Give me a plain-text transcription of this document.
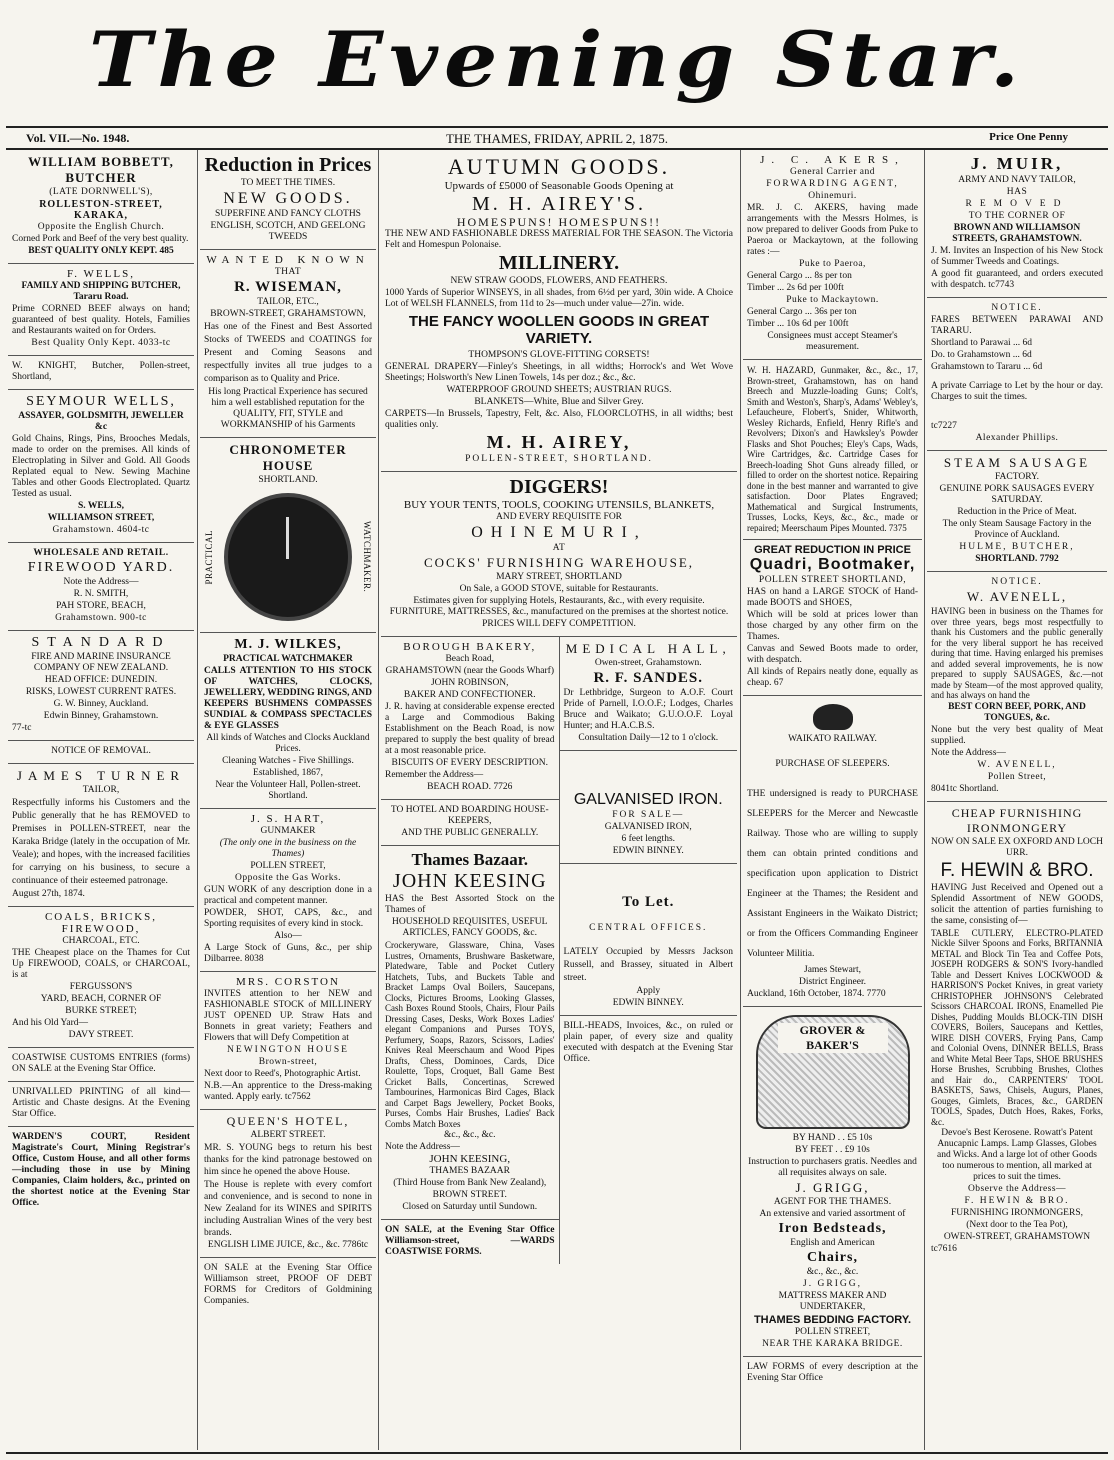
The Evening Star.
Vol. VII.—No. 1948.	THE THAMES, FRIDAY, APRIL 2, 1875.	Price One Penny
WILLIAM BOBBETT, BUTCHER

(LATE DORNWELL'S),

ROLLESTON-STREET, KARAKA,

Opposite the English Church.

Corned Pork and Beef of the very best quality.

BEST QUALITY ONLY KEPT. 485

F. WELLS,

FAMILY AND SHIPPING BUTCHER, Tararu Road.

Prime CORNED BEEF always on hand; guaranteed of best quality. Hotels, Families and Restaurants waited on for Orders.

Best Quality Only Kept. 4033-tc

W. KNIGHT, Butcher, Pollen-street, Shortland,

SEYMOUR WELLS,

ASSAYER, GOLDSMITH, JEWELLER &c

Gold Chains, Rings, Pins, Brooches Medals, made to order on the premises. All kinds of Electroplating in Silver and Gold. All Goods Replated equal to New. Sewing Machine Tables and other Goods Electroplated. Quartz Tested as usual.

S. WELLS,

WILLIAMSON STREET,

Grahamstown. 4604-tc

WHOLESALE AND RETAIL.

FIREWOOD YARD.

Note the Address—

R. N. SMITH,

PAH STORE, BEACH,

Grahamstown. 900-tc

STANDARD

FIRE AND MARINE INSURANCE COMPANY OF NEW ZEALAND.

HEAD OFFICE: DUNEDIN.

RISKS, LOWEST CURRENT RATES.

G. W. Binney, Auckland.

Edwin Binney, Grahamstown.

77-tc

NOTICE OF REMOVAL.

JAMES TURNER

TAILOR,

Respectfully informs his Customers and the Public generally that he has REMOVED to Premises in POLLEN-STREET, near the Karaka Bridge (lately in the occupation of Mr. Veale); and hopes, with the increased facilities for carrying on his business, to secure a continuance of their esteemed patronage.

August 27th, 1874.

COALS, BRICKS, FIREWOOD,

CHARCOAL, ETC.

THE Cheapest place on the Thames for Cut Up FIREWOOD, COALS, or CHARCOAL, is at

FERGUSSON'S

YARD, BEACH, CORNER OF

BURKE STREET;

And his Old Yard—

DAVY STREET.

COASTWISE CUSTOMS ENTRIES (forms) ON SALE at the Evening Star Office.

UNRIVALLED PRINTING of all kind—Artistic and Chaste designs. At the Evening Star Office.

WARDEN'S COURT, Resident Magistrate's Court, Mining Registrar's Office, Custom House, and all other forms—including those in use by Mining Companies, Claim holders, &c., printed on the shortest notice at the Evening Star Office.

Reduction in Prices

TO MEET THE TIMES.

NEW GOODS.

SUPERFINE AND FANCY CLOTHS

ENGLISH, SCOTCH, AND GEELONG TWEEDS

WANTED KNOWN

THAT

R. WISEMAN,

TAILOR, ETC.,

BROWN-STREET, GRAHAMSTOWN,

Has one of the Finest and Best Assorted Stocks of TWEEDS and COATINGS for Present and Coming Seasons and respectfully invites all true judges to a comparison as to Quality and Price.

His long Practical Experience has secured him a well established reputation for the QUALITY, FIT, STYLE and WORKMANSHIP of his Garments

CHRONOMETER HOUSE

SHORTLAND.

PRACTICAL	WATCHMAKER.
M. J. WILKES,

PRACTICAL WATCHMAKER

CALLS ATTENTION TO HIS STOCK OF WATCHES, CLOCKS, JEWELLERY, WEDDING RINGS, AND KEEPERS BUSHMENS COMPASSES SUNDIAL & COMPASS SPECTACLES & EYE GLASSES

All kinds of Watches and Clocks Auckland Prices.

Cleaning Watches - Five Shillings.

Established, 1867,

Near the Volunteer Hall, Pollen-street. Shortland.

J. S. HART,

GUNMAKER

(The only one in the business on the Thames)

POLLEN STREET,

Opposite the Gas Works.

GUN WORK of any description done in a practical and competent manner.

POWDER, SHOT, CAPS, &c., and Sporting requisites of every kind in stock.

Also—

A Large Stock of Guns, &c., per ship Dilbarree. 8038

MRS. CORSTON

INVITES attention to her NEW and FASHIONABLE STOCK of MILLINERY JUST OPENED UP. Straw Hats and Bonnets in great variety; Feathers and Flowers that will Defy Competition at

NEWINGTON HOUSE

Brown-street,

Next door to Reed's, Photographic Artist.

N.B.—An apprentice to the Dress-making wanted. Apply early. tc7562

QUEEN'S HOTEL,

ALBERT STREET.

MR. S. YOUNG begs to return his best thanks for the kind patronage bestowed on him since he opened the above House.

The House is replete with every comfort and convenience, and is second to none in New Zealand for its WINES and SPIRITS including Australian Wines of the very best brands.

ENGLISH LIME JUICE, &c., &c. 7786tc

ON SALE at the Evening Star Office Williamson street, PROOF OF DEBT FORMS for Creditors of Goldmining Companies.

AUTUMN GOODS.

Upwards of £5000 of Seasonable Goods Opening at

M. H. AIREY'S.

HOMESPUNS! HOMESPUNS!!

THE NEW AND FASHIONABLE DRESS MATERIAL FOR THE SEASON. The Victoria Felt and Homespun Polonaise.

MILLINERY.

NEW STRAW GOODS, FLOWERS, AND FEATHERS.

1000 Yards of Superior WINSEYS, in all shades, from 6½d per yard, 30in wide. A Choice Lot of WELSH FLANNELS, from 11d to 2s—much under value—27in. wide.

THE FANCY WOOLLEN GOODS IN GREAT VARIETY.

THOMPSON'S GLOVE-FITTING CORSETS!

GENERAL DRAPERY—Finley's Sheetings, in all widths; Horrock's and Wet Wove Sheetings; Holsworth's New Linen Towels, 14s per doz.; &c., &c.

WATERPROOF GROUND SHEETS; AUSTRIAN RUGS.

BLANKETS—White, Blue and Silver Grey.

CARPETS—In Brussels, Tapestry, Felt, &c. Also, FLOORCLOTHS, in all widths; best qualities only.

M. H. AIREY,

POLLEN-STREET, SHORTLAND.

DIGGERS!

BUY YOUR TENTS, TOOLS, COOKING UTENSILS, BLANKETS,

AND EVERY REQUISITE FOR

OHINEMURI,

AT

COCKS' FURNISHING WAREHOUSE,

MARY STREET, SHORTLAND

On Sale, a GOOD STOVE, suitable for Restaurants.

Estimates given for supplying Hotels, Restaurants, &c., with every requisite. FURNITURE, MATTRESSES, &c., manufactured on the premises at the shortest notice.

PRICES WILL DEFY COMPETITION.

BOROUGH BAKERY,

Beach Road,

GRAHAMSTOWN (near the Goods Wharf)

JOHN ROBINSON,

BAKER AND CONFECTIONER.

J. R. having at considerable expense erected a Large and Commodious Baking Establishment on the Beach Road, is now prepared to supply the best quality of bread at a most reasonable price.

BISCUITS OF EVERY DESCRIPTION.

Remember the Address—

BEACH ROAD. 7726

TO HOTEL AND BOARDING HOUSE-KEEPERS,

AND THE PUBLIC GENERALLY.

Thames Bazaar.
JOHN KEESING

HAS the Best Assorted Stock on the Thames of

HOUSEHOLD REQUISITES, USEFUL ARTICLES, FANCY GOODS, &c.

Crockeryware, Glassware, China, Vases Lustres, Ornaments, Brushware Basketware, Platedware, Table and Pocket Cutlery Hatchets, Tubs, and Buckets Table and Bracket Lamps Oval Boilers, Saucepans, Clocks, Pictures Brooms, Looking Glasses, Cash Boxes Round Stools, Chairs, Flour Pails Dressing Cases, Desks, Work Boxes Ladies' elegant Companions and Purses TOYS, Perfumery, Soaps, Razors, Scissors, Ladies' Knives Real Meerschaum and Wood Pipes Drafts, Chess, Dominoes, Cards, Dice Roulette, Tops, Croquet, Ball Game Best Cricket Balls, Concertinas, Screwed Tambourines, Harmonicas Bird Cages, Black and Carpet Bags Jewellery, Pocket Books, Purses, Combs Hair Brushes, Ladies' Back Combs Match Boxes

&c., &c., &c.

Note the Address—

JOHN KEESING,

THAMES BAZAAR

(Third House from Bank New Zealand),

BROWN STREET.

Closed on Saturday until Sundown.

ON SALE, at the Evening Star Office Williamson-street, —WARDS COASTWISE FORMS.

MEDICAL HALL,

Owen-street, Grahamstown.

R. F. SANDES.

Dr Lethbridge, Surgeon to A.O.F. Court Pride of Parnell, I.O.O.F.; Lodges, Charles Bruce and Waikato; G.U.O.O.F. Loyal Hunter; and H.A.C.B.S.

Consultation Daily—12 to 1 o'clock.

GALVANISED IRON.

FOR SALE—

GALVANISED IRON,

6 feet lengths.

EDWIN BINNEY.

To Let.

CENTRAL OFFICES.

LATELY Occupied by Messrs Jackson Russell, and Brassey, situated in Albert street.

Apply

EDWIN BINNEY.

BILL-HEADS, Invoices, &c., on ruled or plain paper, of every size and quality executed with despatch at the Evening Star Office.

J. C. AKERS,

General Carrier and

FORWARDING AGENT,

Ohinemuri.

MR. J. C. AKERS, having made arrangements with the Messrs Holmes, is now prepared to deliver Goods from Puke to Paeroa or Mackaytown, at the following rates :—

Puke to Paeroa,

General Cargo ... 8s per ton

Timber ... 2s 6d per 100ft

Puke to Mackaytown.

General Cargo ... 36s per ton

Timber ... 10s 6d per 100ft

Consignees must accept Steamer's measurement.

W. H. HAZARD, Gunmaker, &c., &c., 17, Brown-street, Grahamstown, has on hand Breech and Muzzle-loading Guns; Colt's, Smith and Weston's, Sharp's, Adams' Webley's, Lefaucheure, Flobert's, Snider, Whitworth, Wesley Richards, Enfield, Henry Rifle's and Revolvers; Dixon's and Hawksley's Powder Flasks and Shot Pouches; Eley's Caps, Wads, Wire Cartridges, &c. Cartridge Cases for Breech-loading Shot Guns already filled, or filled to order on the shortest notice. Repairing done in the best manner and warranted to give satisfaction. Door Plates Engraved; Mathematical and Surgical Instruments, Trusses, Locks, Keys, &c., &c., made or repaired; Meerschaum Pipes Mounted. 7375

GREAT REDUCTION IN PRICE
Quadri, Bootmaker,

POLLEN STREET SHORTLAND,

HAS on hand a LARGE STOCK of Hand-made BOOTS and SHOES,

Which will be sold at prices lower than those charged by any other firm on the Thames.

Canvas and Sewed Boots made to order, with despatch.

All kinds of Repairs neatly done, equally as cheap. 67

WAIKATO RAILWAY.

PURCHASE OF SLEEPERS.

THE undersigned is ready to PURCHASE SLEEPERS for the Mercer and Newcastle Railway. Those who are willing to supply them can obtain printed conditions and specification upon application to District Engineer at the Thames; the Resident and Assistant Engineers in the Waikato District; or from the Officers Commanding Engineer Volunteer Militia.

James Stewart,

District Engineer.

Auckland, 16th October, 1874. 7770

GROVER & BAKER'S

BY HAND . . £5 10s

BY FEET . . £9 10s

Instruction to purchasers gratis. Needles and all requisites always on sale.

J. GRIGG,

AGENT FOR THE THAMES.

An extensive and varied assortment of

Iron Bedsteads,

English and American

Chairs,

&c., &c., &c.

J. GRIGG,

MATTRESS MAKER AND UNDERTAKER,

THAMES BEDDING FACTORY.

POLLEN STREET,

NEAR THE KARAKA BRIDGE.

LAW FORMS of every description at the Evening Star Office

J. MUIR,

ARMY AND NAVY TAILOR,

HAS

REMOVED

TO THE CORNER OF

BROWN AND WILLIAMSON STREETS, GRAHAMSTOWN.

J. M. Invites an Inspection of his New Stock of Summer Tweeds and Coatings.

A good fit guaranteed, and orders executed with despatch. tc7743

NOTICE.

FARES BETWEEN PARAWAI AND TARARU.

Shortland to Parawai ... 6d

Do. to Grahamstown ... 6d

Grahamstown to Tararu ... 6d

A private Carriage to Let by the hour or day. Charges to suit the times.

tc7227

Alexander Phillips.

STEAM SAUSAGE

FACTORY.

GENUINE PORK SAUSAGES EVERY SATURDAY.

Reduction in the Price of Meat.

The only Steam Sausage Factory in the Province of Auckland.

HULME, BUTCHER,

SHORTLAND. 7792

NOTICE.

W. AVENELL,

HAVING been in business on the Thames for over three years, begs most respectfully to thank his Customers and the public generally for the very liberal support he has received during that time. Having enlarged his premises and added several improvements, he is now prepared to supply SAUSAGES, &c.—not made by Steam—of the most approved quality, and has always on hand the

BEST CORN BEEF, PORK, AND TONGUES, &c.

None but the very best quality of Meat supplied.

Note the Address—

W. AVENELL,

Pollen Street,

8041tc Shortland.

CHEAP FURNISHING IRONMONGERY

NOW ON SALE EX OXFORD AND LOCH URR.

F. HEWIN & BRO.

HAVING Just Received and Opened out a Splendid Assortment of NEW GOODS, solicit the attention of parties furnishing to the same, consisting of—

TABLE CUTLERY, ELECTRO-PLATED Nickle Silver Spoons and Forks, BRITANNIA METAL and Block Tin Tea and Coffee Pots, JOSEPH RODGERS & SON'S Ivory-handled Table and Dessert Knives LOCKWOOD & HARRISON'S Pocket Knives, in great variety CHRISTOPHER JOHNSON'S Celebrated Scissors CHARCOAL IRONS, Enamelled Pie Dishes, Pudding Moulds BLOCK-TIN DISH COVERS, Boilers, Saucepans and Kettles, WIRE DISH COVERS, Frying Pans, Camp and Colonial Ovens, DINNER BELLS, Brass and White Metal Beer Taps, SHOE BRUSHES Horse Brushes, Scrubbing Brushes, Clothes and Hair do., CARPENTERS' TOOL BASKETS, Saws, Chisels, Augurs, Planes, Gouges, Gimlets, Braces, &c., GARDEN TOOLS, Spades, Dutch Hoes, Rakes, Forks, &c.

Devoe's Best Kerosene. Rowatt's Patent Anucapnic Lamps. Lamp Glasses, Globes and Wicks. And a large lot of other Goods too numerous to mention, all marked at prices to suit the times.

Observe the Address—

F. HEWIN & BRO.

FURNISHING IRONMONGERS,

(Next door to the Tea Pot),

OWEN-STREET, GRAHAMSTOWN

tc7616
